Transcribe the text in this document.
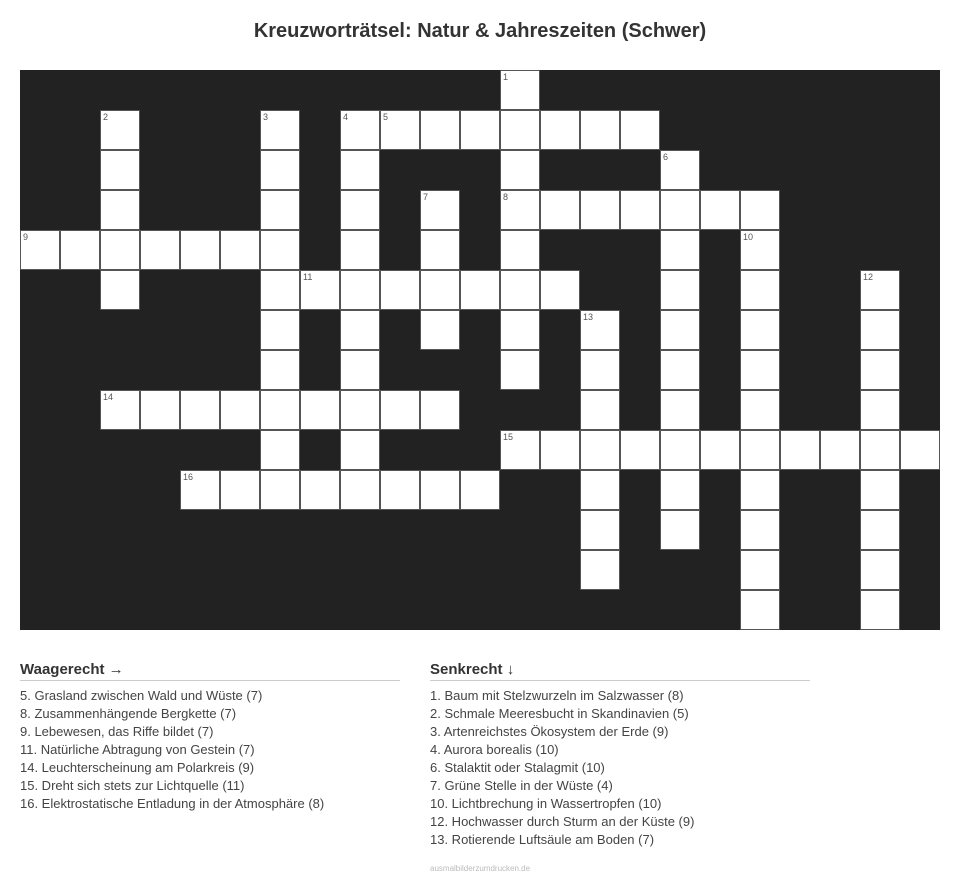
Kreuzworträtsel: Natur & Jahreszeiten (Schwer)
1
8
2	3	4	5
6
7
9	10
11	12
13
14
15
16
Waagerecht →
5. Grasland zwischen Wald und Wüste (7)
8. Zusammenhängende Bergkette (7)
9. Lebewesen, das Riffe bildet (7)
11. Natürliche Abtragung von Gestein (7)
14. Leuchterscheinung am Polarkreis (9)
15. Dreht sich stets zur Lichtquelle (11)
16. Elektrostatische Entladung in der Atmosphäre (8)
Senkrecht ↓
1. Baum mit Stelzwurzeln im Salzwasser (8)
2. Schmale Meeresbucht in Skandinavien (5)
3. Artenreichstes Ökosystem der Erde (9)
4. Aurora borealis (10)
6. Stalaktit oder Stalagmit (10)
7. Grüne Stelle in der Wüste (4)
10. Lichtbrechung in Wassertropfen (10)
12. Hochwasser durch Sturm an der Küste (9)
13. Rotierende Luftsäule am Boden (7)
ausmalbilderzumdrucken.de
